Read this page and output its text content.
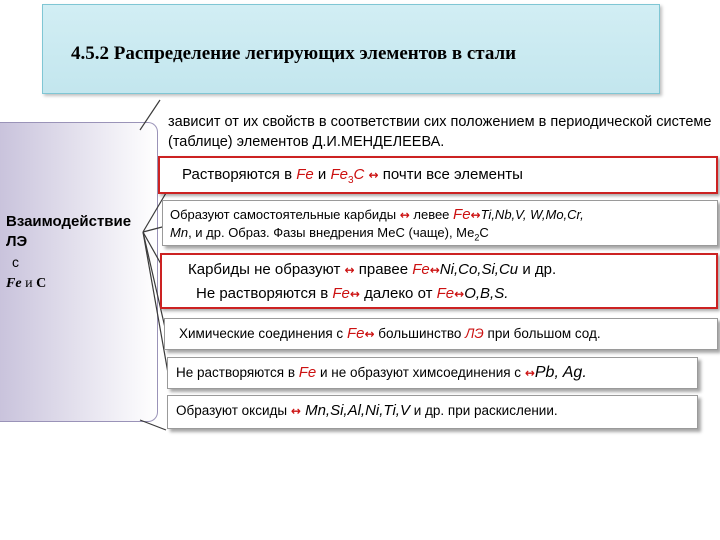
4.5.2 Распределение легирующих элементов в стали
Взаимодействие
ЛЭ
с
Fe и C
зависит от их свойств в соответствии сих положением в периодической системе (таблице) элементов Д.И.МЕНДЕЛЕЕВА.
Растворяются в Fe и $Fe_3С$ ↔ почти все элементы
Образуют самостоятельные карбиды ↔ левее Fe↔Ti,Nb,V, W,Mo,Cr,
Mn, и др. Образ. Фазы внедрения МеС (чаще), $Ме_2С$
Карбиды не образуют ↔ правее Fe↔Ni,Co,Si,Cu и др.
Не растворяются в Fe↔ далеко от Fe↔O,B,S.
Химические соединения с Fe↔ большинство ЛЭ при большом сод.
Не растворяются в Fe и не образуют химсоединения с ↔Pb, Ag.
Образуют оксиды ↔ Mn,Si,Al,Ni,Ti,V и др. при раскислении.
